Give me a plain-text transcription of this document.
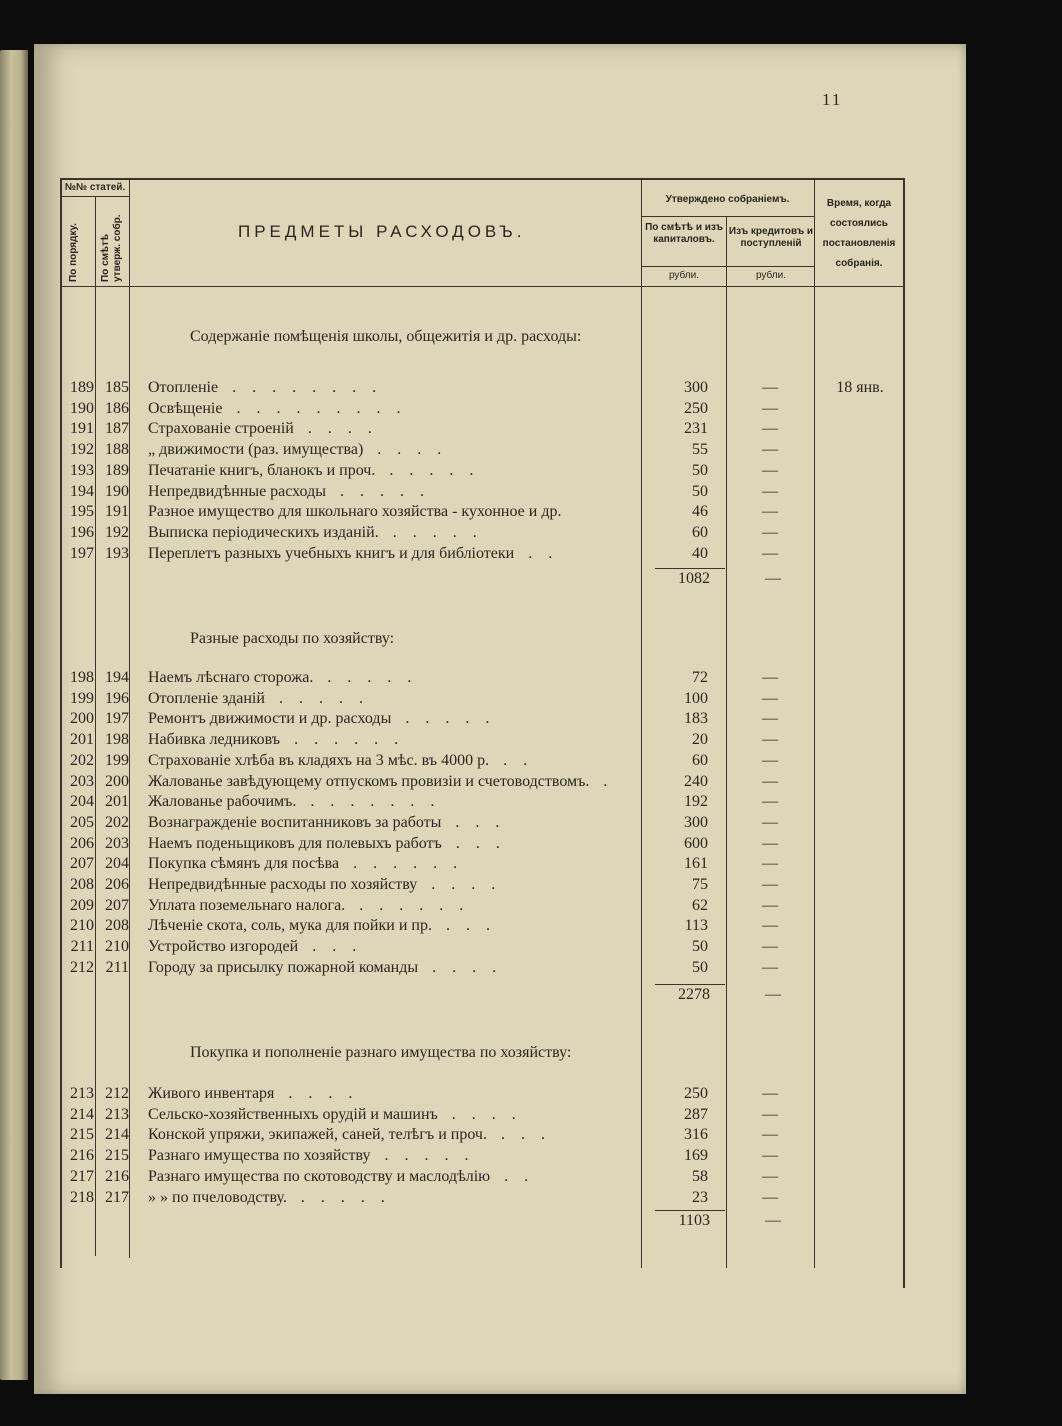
11
№№ статей.
По порядку. По смѣтѣ утверж. собр.	ПРЕДМЕТЫ РАСХОДОВЪ.
Утверждено собраніемъ.
По смѣтѣ и изъ капиталовъ.
Изъ кредитовъ и поступленій
рубли.	рубли.
Время, когда состоялись постановленія собранія.
Содержаніе помѣщенія школы, общежитія и др. расходы:
189 185 Отопленіе	300	—	18 янв.
. . . . . . . .
190 186 Освѣщеніе	250	—
. . . . . . . . .
191 187 Страхованіе строеній	231	—
. . . .
192 188 „ движимости (раз. имущества)	55	—
. . . .
193 189 Печатаніе книгъ, бланокъ и проч.	50	—
. . . . .
194 190 Непредвидѣнные расходы	50	—
. . . . .
195 191 Разное имущество для школьнаго хозяйства - кухонное и др.	46	—
196 192 Выписка періодическихъ изданій.	60	—
. . . . .
197 193 Переплетъ разныхъ учебныхъ книгъ и для библіотеки	40	—
. .
1082	—
Разные расходы по хозяйству:
198 194 Наемъ лѣснаго сторожа.	72	—
. . . . .
199 196 Отопленіе зданій	100	—
. . . . .
200 197 Ремонтъ движимости и др. расходы	183	—
. . . . .
201 198 Набивка ледниковъ	20	—
. . . . . .
202 199 Страхованіе хлѣба въ кладяхъ на 3 мѣс. въ 4000 р.	60	—
. .
203 200 Жалованье завѣдующему отпускомъ провизіи и счетоводствомъ.	240	—
.
204 201 Жалованье рабочимъ.	192	—
. . . . . . .
205 202 Вознагражденіе воспитанниковъ за работы	300	—
. . .
206 203 Наемъ поденьщиковъ для полевыхъ работъ	600	—
. . .
207 204 Покупка сѣмянъ для посѣва	161	—
. . . . . .
208 206 Непредвидѣнные расходы по хозяйству	75	—
. . . .
209 207 Уплата поземельнаго налога.	62	—
. . . . . .
210 208 Лѣченіе скота, соль, мука для пойки и пр.	113	—
. . .
211 210 Устройство изгородей	50	—
. . .
212 211 Городу за присылку пожарной команды	50	—
. . . .
2278	—
Покупка и пополненіе разнаго имущества по хозяйству:
213 212 Живого инвентаря	250	—
. . . .
214 213 Сельско-хозяйственныхъ орудій и машинъ	287	—
. . . .
215 214 Конской упряжи, экипажей, саней, телѣгъ и проч.	316	—
. . .
216 215 Разнаго имущества по хозяйству	169	—
. . . . .
217 216 Разнаго имущества по скотоводству и маслодѣлію	58	—
. .
218 217 » » по пчеловодству.	23	—
. . . . .
1103	—
